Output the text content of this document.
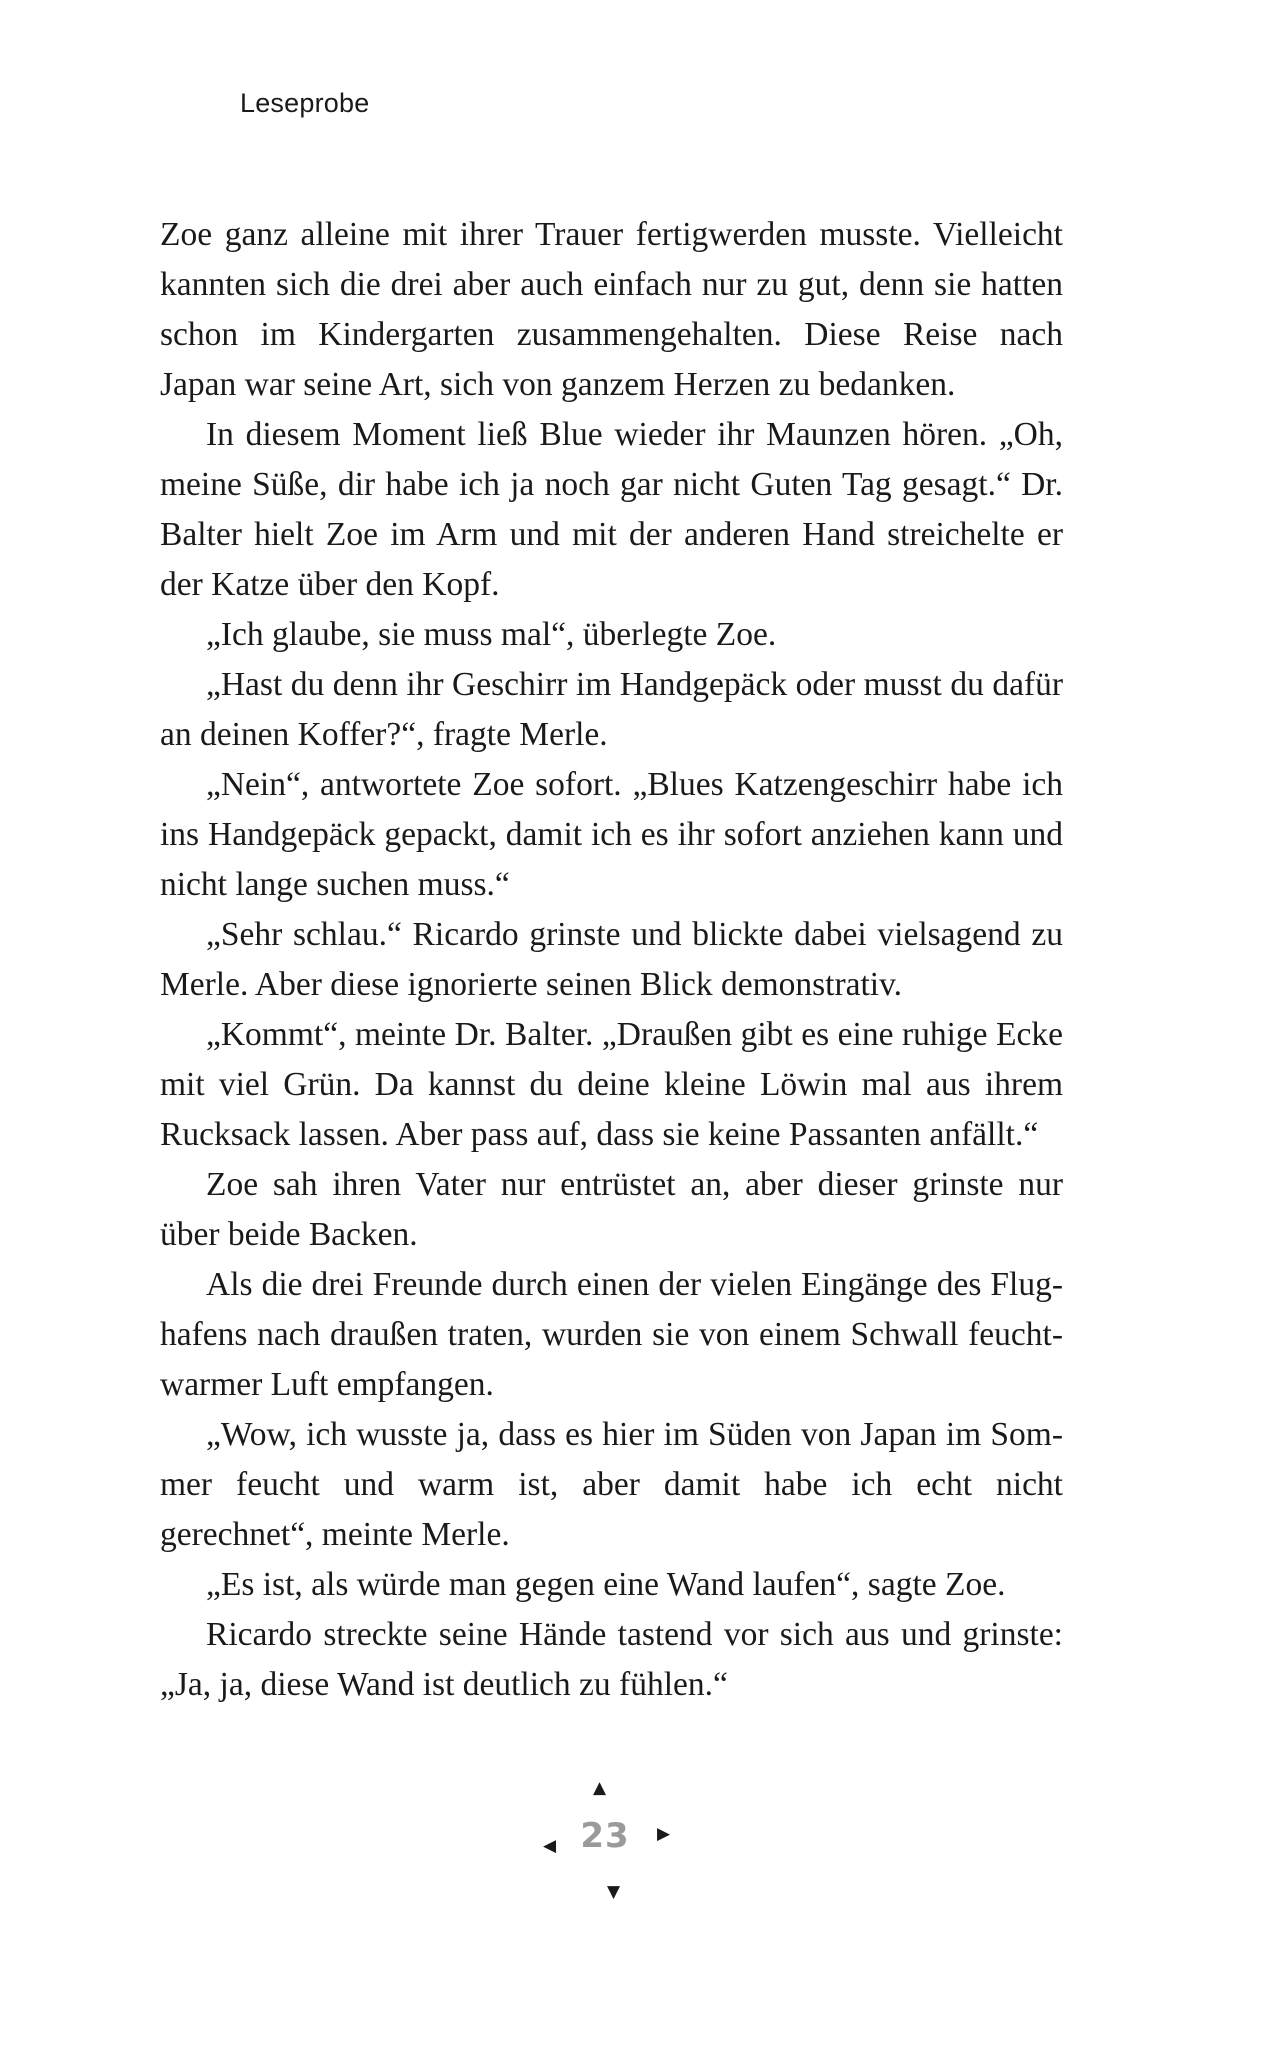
Leseprobe

Zoe ganz alleine mit ihrer Trauer fertigwerden musste. Vielleicht kannten sich die drei aber auch einfach nur zu gut, denn sie hatten schon im Kindergarten zusammengehalten. Diese Reise nach Japan war seine Art, sich von ganzem Herzen zu bedanken.

In diesem Moment ließ Blue wieder ihr Maunzen hören. „Oh, meine Süße, dir habe ich ja noch gar nicht Guten Tag gesagt.“ Dr. Balter hielt Zoe im Arm und mit der anderen Hand streichelte er der Katze über den Kopf.

„Ich glaube, sie muss mal“, überlegte Zoe.

„Hast du denn ihr Geschirr im Handgepäck oder musst du dafür an deinen Koffer?“, fragte Merle.

„Nein“, antwortete Zoe sofort. „Blues Katzengeschirr habe ich ins Handgepäck gepackt, damit ich es ihr sofort anziehen kann und nicht lange suchen muss.“

„Sehr schlau.“ Ricardo grinste und blickte dabei vielsagend zu Merle. Aber diese ignorierte seinen Blick demonstrativ.

„Kommt“, meinte Dr. Balter. „Draußen gibt es eine ruhige Ecke mit viel Grün. Da kannst du deine kleine Löwin mal aus ihrem Rucksack lassen. Aber pass auf, dass sie keine Passanten anfällt.“

Zoe sah ihren Vater nur entrüstet an, aber dieser grinste nur über beide Backen.

Als die drei Freunde durch einen der vielen Eingänge des Flughafens nach draußen traten, wurden sie von einem Schwall feuchtwarmer Luft empfangen.

„Wow, ich wusste ja, dass es hier im Süden von Japan im Sommer feucht und warm ist, aber damit habe ich echt nicht gerechnet“, meinte Merle.

„Es ist, als würde man gegen eine Wand laufen“, sagte Zoe.

Ricardo streckte seine Hände tastend vor sich aus und grinste: „Ja, ja, diese Wand ist deutlich zu fühlen.“

▲
▶
▼
◀ 23
